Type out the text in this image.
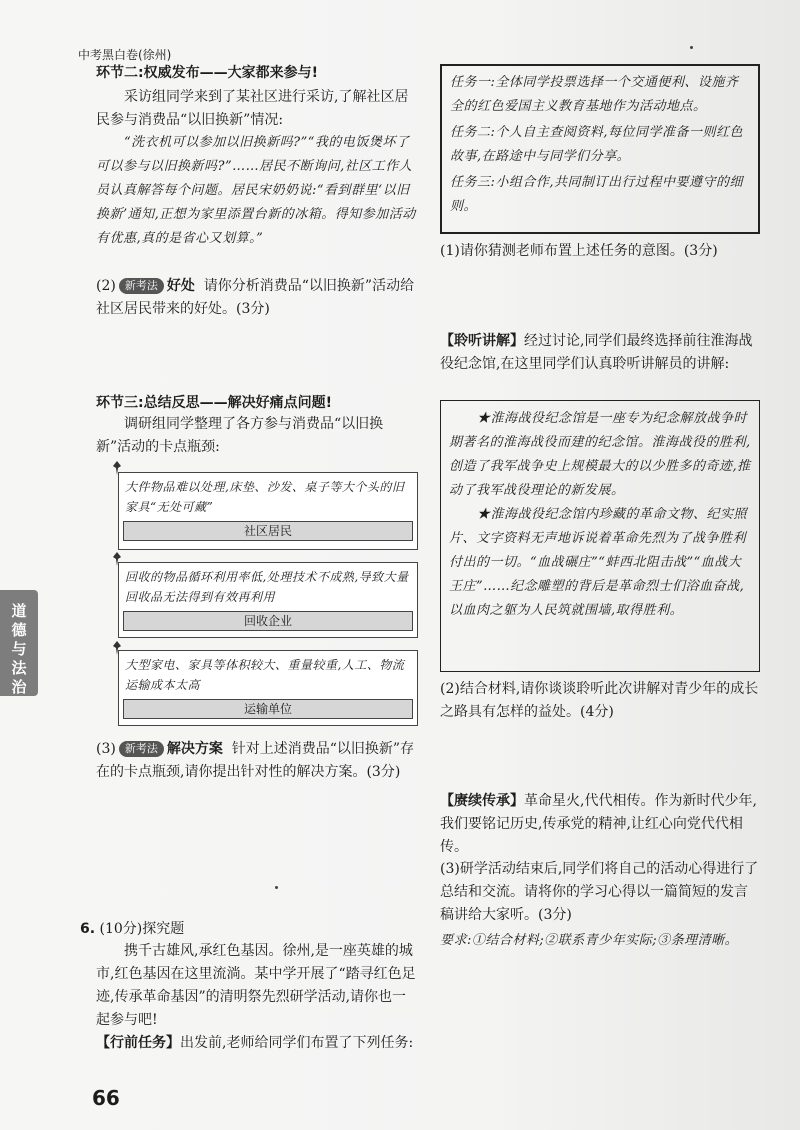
中考黑白卷(徐州)
道
德
与
法
治
环节二:权威发布——大家都来参与!
采访组同学来到了某社区进行采访,了解社区居民参与消费品“以旧换新”情况:
“洗衣机可以参加以旧换新吗?”“我的电饭煲坏了可以参与以旧换新吗?”……居民不断询问,社区工作人员认真解答每个问题。居民宋奶奶说:“看到群里‘以旧换新’通知,正想为家里添置台新的冰箱。得知参加活动有优惠,真的是省心又划算。”
(2) 新考法 好处 请你分析消费品“以旧换新”活动给社区居民带来的好处。(3分)
环节三:总结反思——解决好痛点问题!
调研组同学整理了各方参与消费品“以旧换新”活动的卡点瓶颈:
大件物品难以处理,床垫、沙发、桌子等大个头的旧家具“无处可藏”
社区居民
回收的物品循环利用率低,处理技术不成熟,导致大量回收品无法得到有效再利用
回收企业
大型家电、家具等体积较大、重量较重,人工、物流运输成本太高
运输单位
(3) 新考法 解决方案 针对上述消费品“以旧换新”存在的卡点瓶颈,请你提出针对性的解决方案。(3分)
6. (10分)探究题
携千古雄风,承红色基因。徐州,是一座英雄的城市,红色基因在这里流淌。某中学开展了“踏寻红色足迹,传承革命基因”的清明祭先烈研学活动,请你也一起参与吧!
【行前任务】出发前,老师给同学们布置了下列任务:
66
任务一:全体同学投票选择一个交通便利、设施齐全的红色爱国主义教育基地作为活动地点。
任务二:个人自主查阅资料,每位同学准备一则红色故事,在路途中与同学们分享。
任务三:小组合作,共同制订出行过程中要遵守的细则。
(1)请你猜测老师布置上述任务的意图。(3分)
【聆听讲解】经过讨论,同学们最终选择前往淮海战役纪念馆,在这里同学们认真聆听讲解员的讲解:
★淮海战役纪念馆是一座专为纪念解放战争时期著名的淮海战役而建的纪念馆。淮海战役的胜利,创造了我军战争史上规模最大的以少胜多的奇迹,推动了我军战役理论的新发展。
★淮海战役纪念馆内珍藏的革命文物、纪实照片、文字资料无声地诉说着革命先烈为了战争胜利付出的一切。“血战碾庄”“蚌西北阻击战”“血战大王庄”……纪念雕塑的背后是革命烈士们浴血奋战,以血肉之躯为人民筑就围墙,取得胜利。
(2)结合材料,请你谈谈聆听此次讲解对青少年的成长之路具有怎样的益处。(4分)
【赓续传承】革命星火,代代相传。作为新时代少年,我们要铭记历史,传承党的精神,让红心向党代代相传。
(3)研学活动结束后,同学们将自己的活动心得进行了总结和交流。请将你的学习心得以一篇简短的发言稿讲给大家听。(3分)
要求:①结合材料;②联系青少年实际;③条理清晰。
